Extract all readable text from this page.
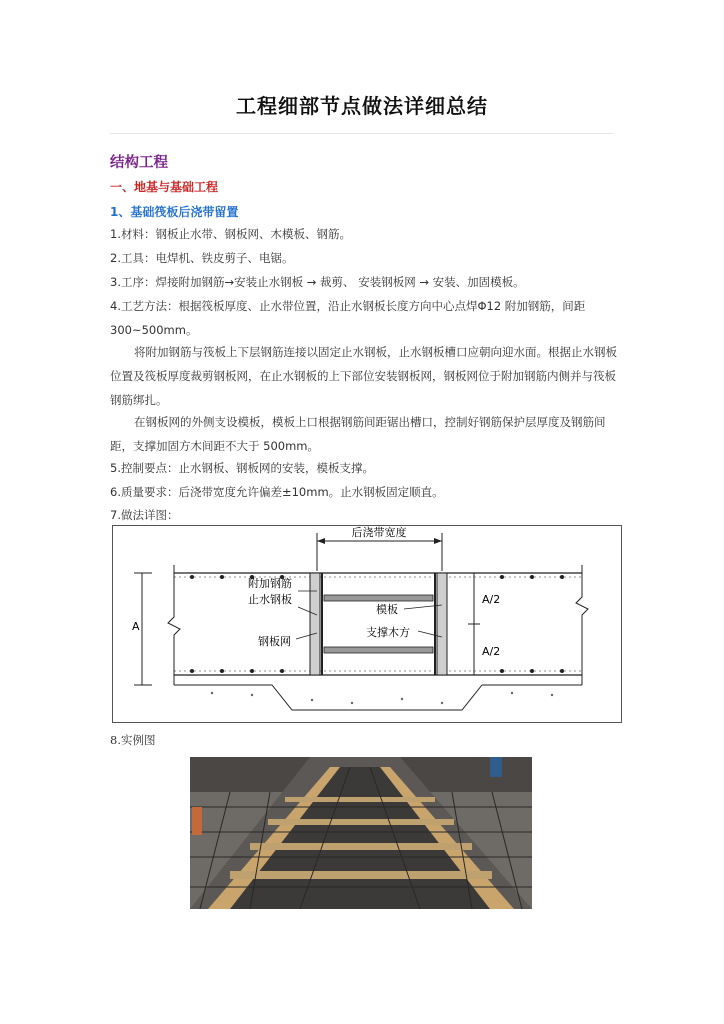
工程细部节点做法详细总结
结构工程
一、地基与基础工程
1、基础筏板后浇带留置
1.材料：钢板止水带、钢板网、木模板、钢筋。
2.工具：电焊机、铁皮剪子、电锯。
3.工序：焊接附加钢筋→安装止水钢板 → 裁剪、 安装钢板网 → 安装、加固模板。
4.工艺方法：根据筏板厚度、止水带位置，沿止水钢板长度方向中心点焊Φ12 附加钢筋，间距 300~500mm。
将附加钢筋与筏板上下层钢筋连接以固定止水钢板，止水钢板槽口应朝向迎水面。根据止水钢板位置及筏板厚度裁剪钢板网，在止水钢板的上下部位安装钢板网，钢板网位于附加钢筋内侧并与筏板钢筋绑扎。
在钢板网的外侧支设模板，模板上口根据钢筋间距锯出槽口，控制好钢筋保护层厚度及钢筋间距，支撑加固方木间距不大于 500mm。
5.控制要点：止水钢板、钢板网的安装，模板支撑。
6.质量要求：后浇带宽度允许偏差±10mm。止水钢板固定顺直。
7.做法详图：
后浇带宽度
A
A/2
A/2
附加钢筋
止水钢板
钢板网
模板
支撑木方
8.实例图
